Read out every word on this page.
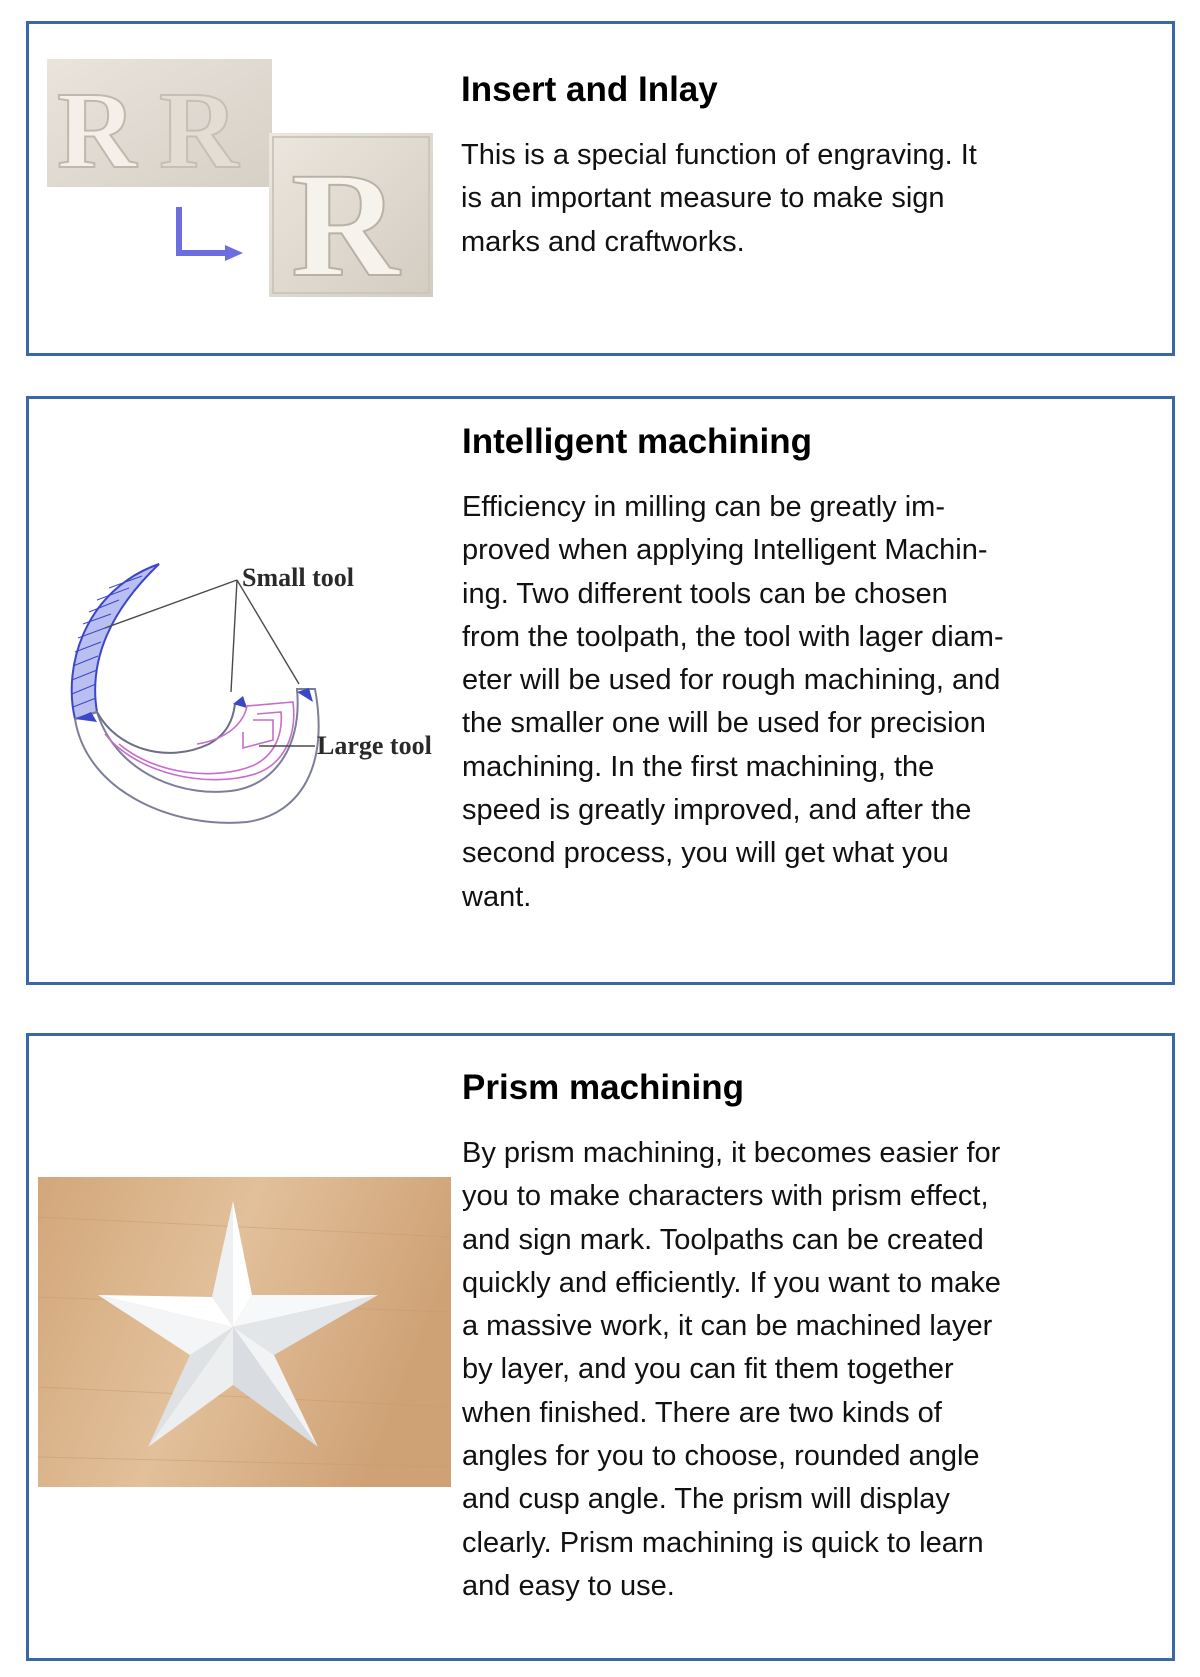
R R
R
Insert and Inlay

This is a special function of engraving. It
is an important measure to make sign
marks and craftworks.

Small tool
Large tool
Intelligent machining

Efficiency in milling can be greatly im-
proved when applying Intelligent Machin-
ing. Two different tools can be chosen
from the toolpath, the tool with lager diam-
eter will be used for rough machining, and
the smaller one will be used for precision
machining. In the first machining, the
speed is greatly improved, and after the
second process, you will get what you
want.

Prism machining

By prism machining, it becomes easier for
you to make characters with prism effect,
and sign mark. Toolpaths can be created
quickly and efficiently. If you want to make
a massive work, it can be machined layer
by layer, and you can fit them together
when finished. There are two kinds of
angles for you to choose, rounded angle
and cusp angle. The prism will display
clearly. Prism machining is quick to learn
and easy to use.
